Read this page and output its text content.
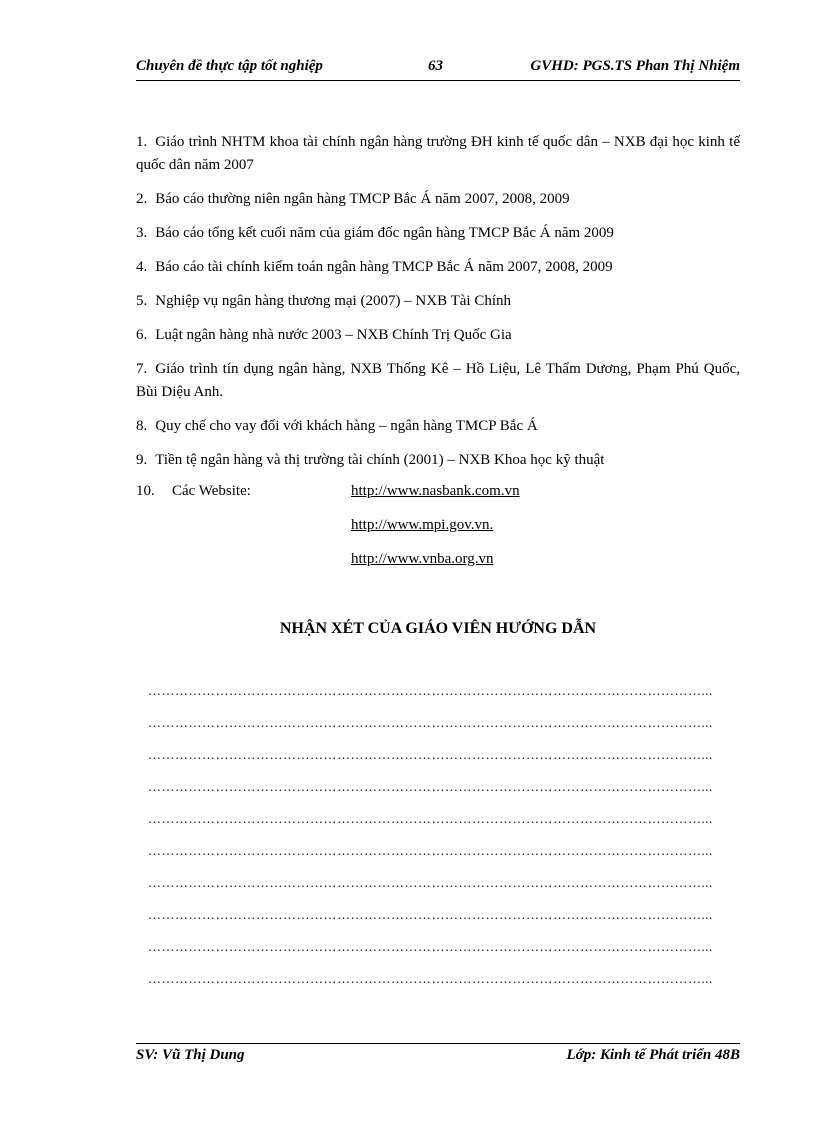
Chuyên đề thực tập tốt nghiệp	63	GVHD: PGS.TS Phan Thị Nhiệm

1. Giáo trình NHTM khoa tài chính ngân hàng trường ĐH kinh tế quốc dân – NXB đại học kinh tế quốc dân năm 2007

2. Báo cáo thường niên ngân hàng TMCP Bắc Á năm 2007, 2008, 2009

3. Báo cáo tổng kết cuối năm của giám đốc ngân hàng TMCP Bắc Á năm 2009

4. Báo cáo tài chính kiểm toán ngân hàng TMCP Bắc Á năm 2007, 2008, 2009

5. Nghiệp vụ ngân hàng thương mại (2007) – NXB Tài Chính

6. Luật ngân hàng nhà nước 2003 – NXB Chính Trị Quốc Gia

7. Giáo trình tín dụng ngân hàng, NXB Thống Kê – Hồ Liệu, Lê Thẩm Dương, Phạm Phú Quốc, Bùi Diệu Anh.

8. Quy chế cho vay đối với khách hàng – ngân hàng TMCP Bắc Á

9. Tiền tệ ngân hàng và thị trường tài chính (2001) – NXB Khoa học kỹ thuật

10. Các Website:	http://www.nasbank.com.vn
http://www.mpi.gov.vn.
http://www.vnba.org.vn
NHẬN XÉT CỦA GIÁO VIÊN HƯỚNG DẪN
……………………………………………………………………………………………………………...
……………………………………………………………………………………………………………...
……………………………………………………………………………………………………………...
……………………………………………………………………………………………………………...
……………………………………………………………………………………………………………...
……………………………………………………………………………………………………………...
……………………………………………………………………………………………………………...
……………………………………………………………………………………………………………...
……………………………………………………………………………………………………………...
……………………………………………………………………………………………………………...
SV: Vũ Thị Dung	Lớp: Kinh tế Phát triển 48B
